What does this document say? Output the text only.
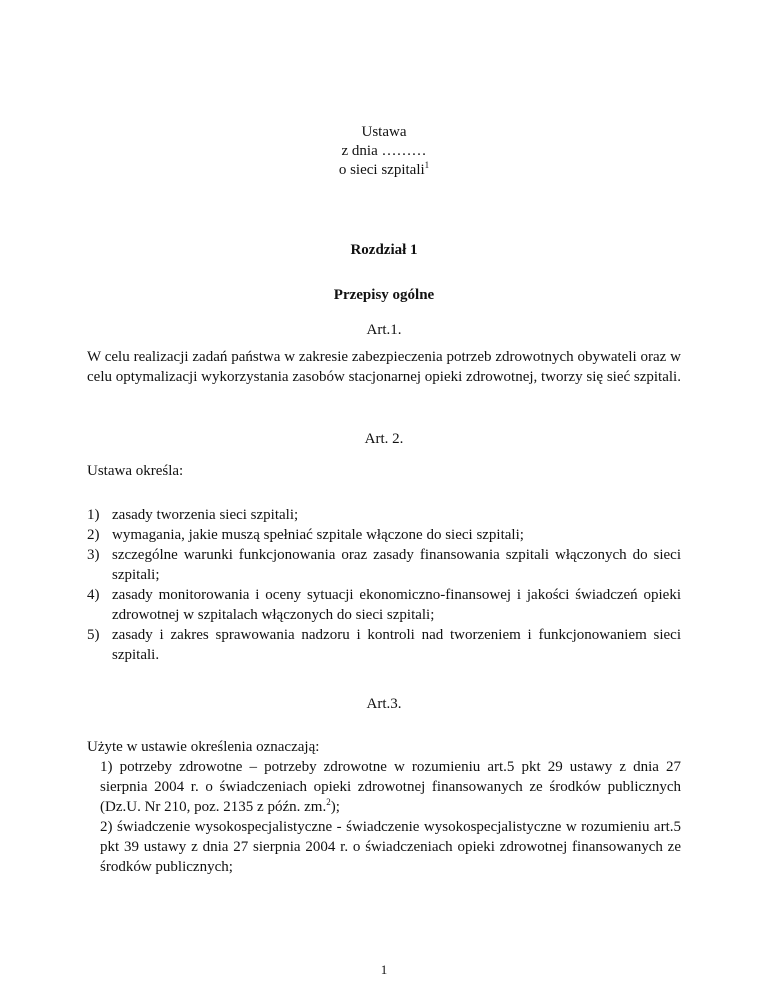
Ustawa
z dnia ………
o sieci szpitali$^1$
Rozdział 1
Przepisy ogólne
Art.1.
W celu realizacji zadań państwa w zakresie zabezpieczenia potrzeb zdrowotnych obywateli oraz w celu optymalizacji wykorzystania zasobów stacjonarnej opieki zdrowotnej, tworzy się sieć szpitali.
Art. 2.
Ustawa określa:
1) zasady tworzenia sieci szpitali;
2) wymagania, jakie muszą spełniać szpitale włączone do sieci szpitali;
3) szczególne warunki funkcjonowania oraz zasady finansowania szpitali włączonych do sieci szpitali;
4) zasady monitorowania i oceny sytuacji ekonomiczno-finansowej i jakości świadczeń opieki zdrowotnej w szpitalach włączonych do sieci szpitali;
5) zasady i zakres sprawowania nadzoru i kontroli nad tworzeniem i funkcjonowaniem sieci szpitali.
Art.3.

Użyte w ustawie określenia oznaczają:

1) potrzeby zdrowotne – potrzeby zdrowotne w rozumieniu art.5 pkt 29 ustawy z dnia 27 sierpnia 2004 r. o świadczeniach opieki zdrowotnej finansowanych ze środków publicznych (Dz.U. Nr 210, poz. 2135 z późn. zm.$^2$);

2) świadczenie wysokospecjalistyczne - świadczenie wysokospecjalistyczne w rozumieniu art.5 pkt 39 ustawy z dnia 27 sierpnia 2004 r. o świadczeniach opieki zdrowotnej finansowanych ze środków publicznych;

1
